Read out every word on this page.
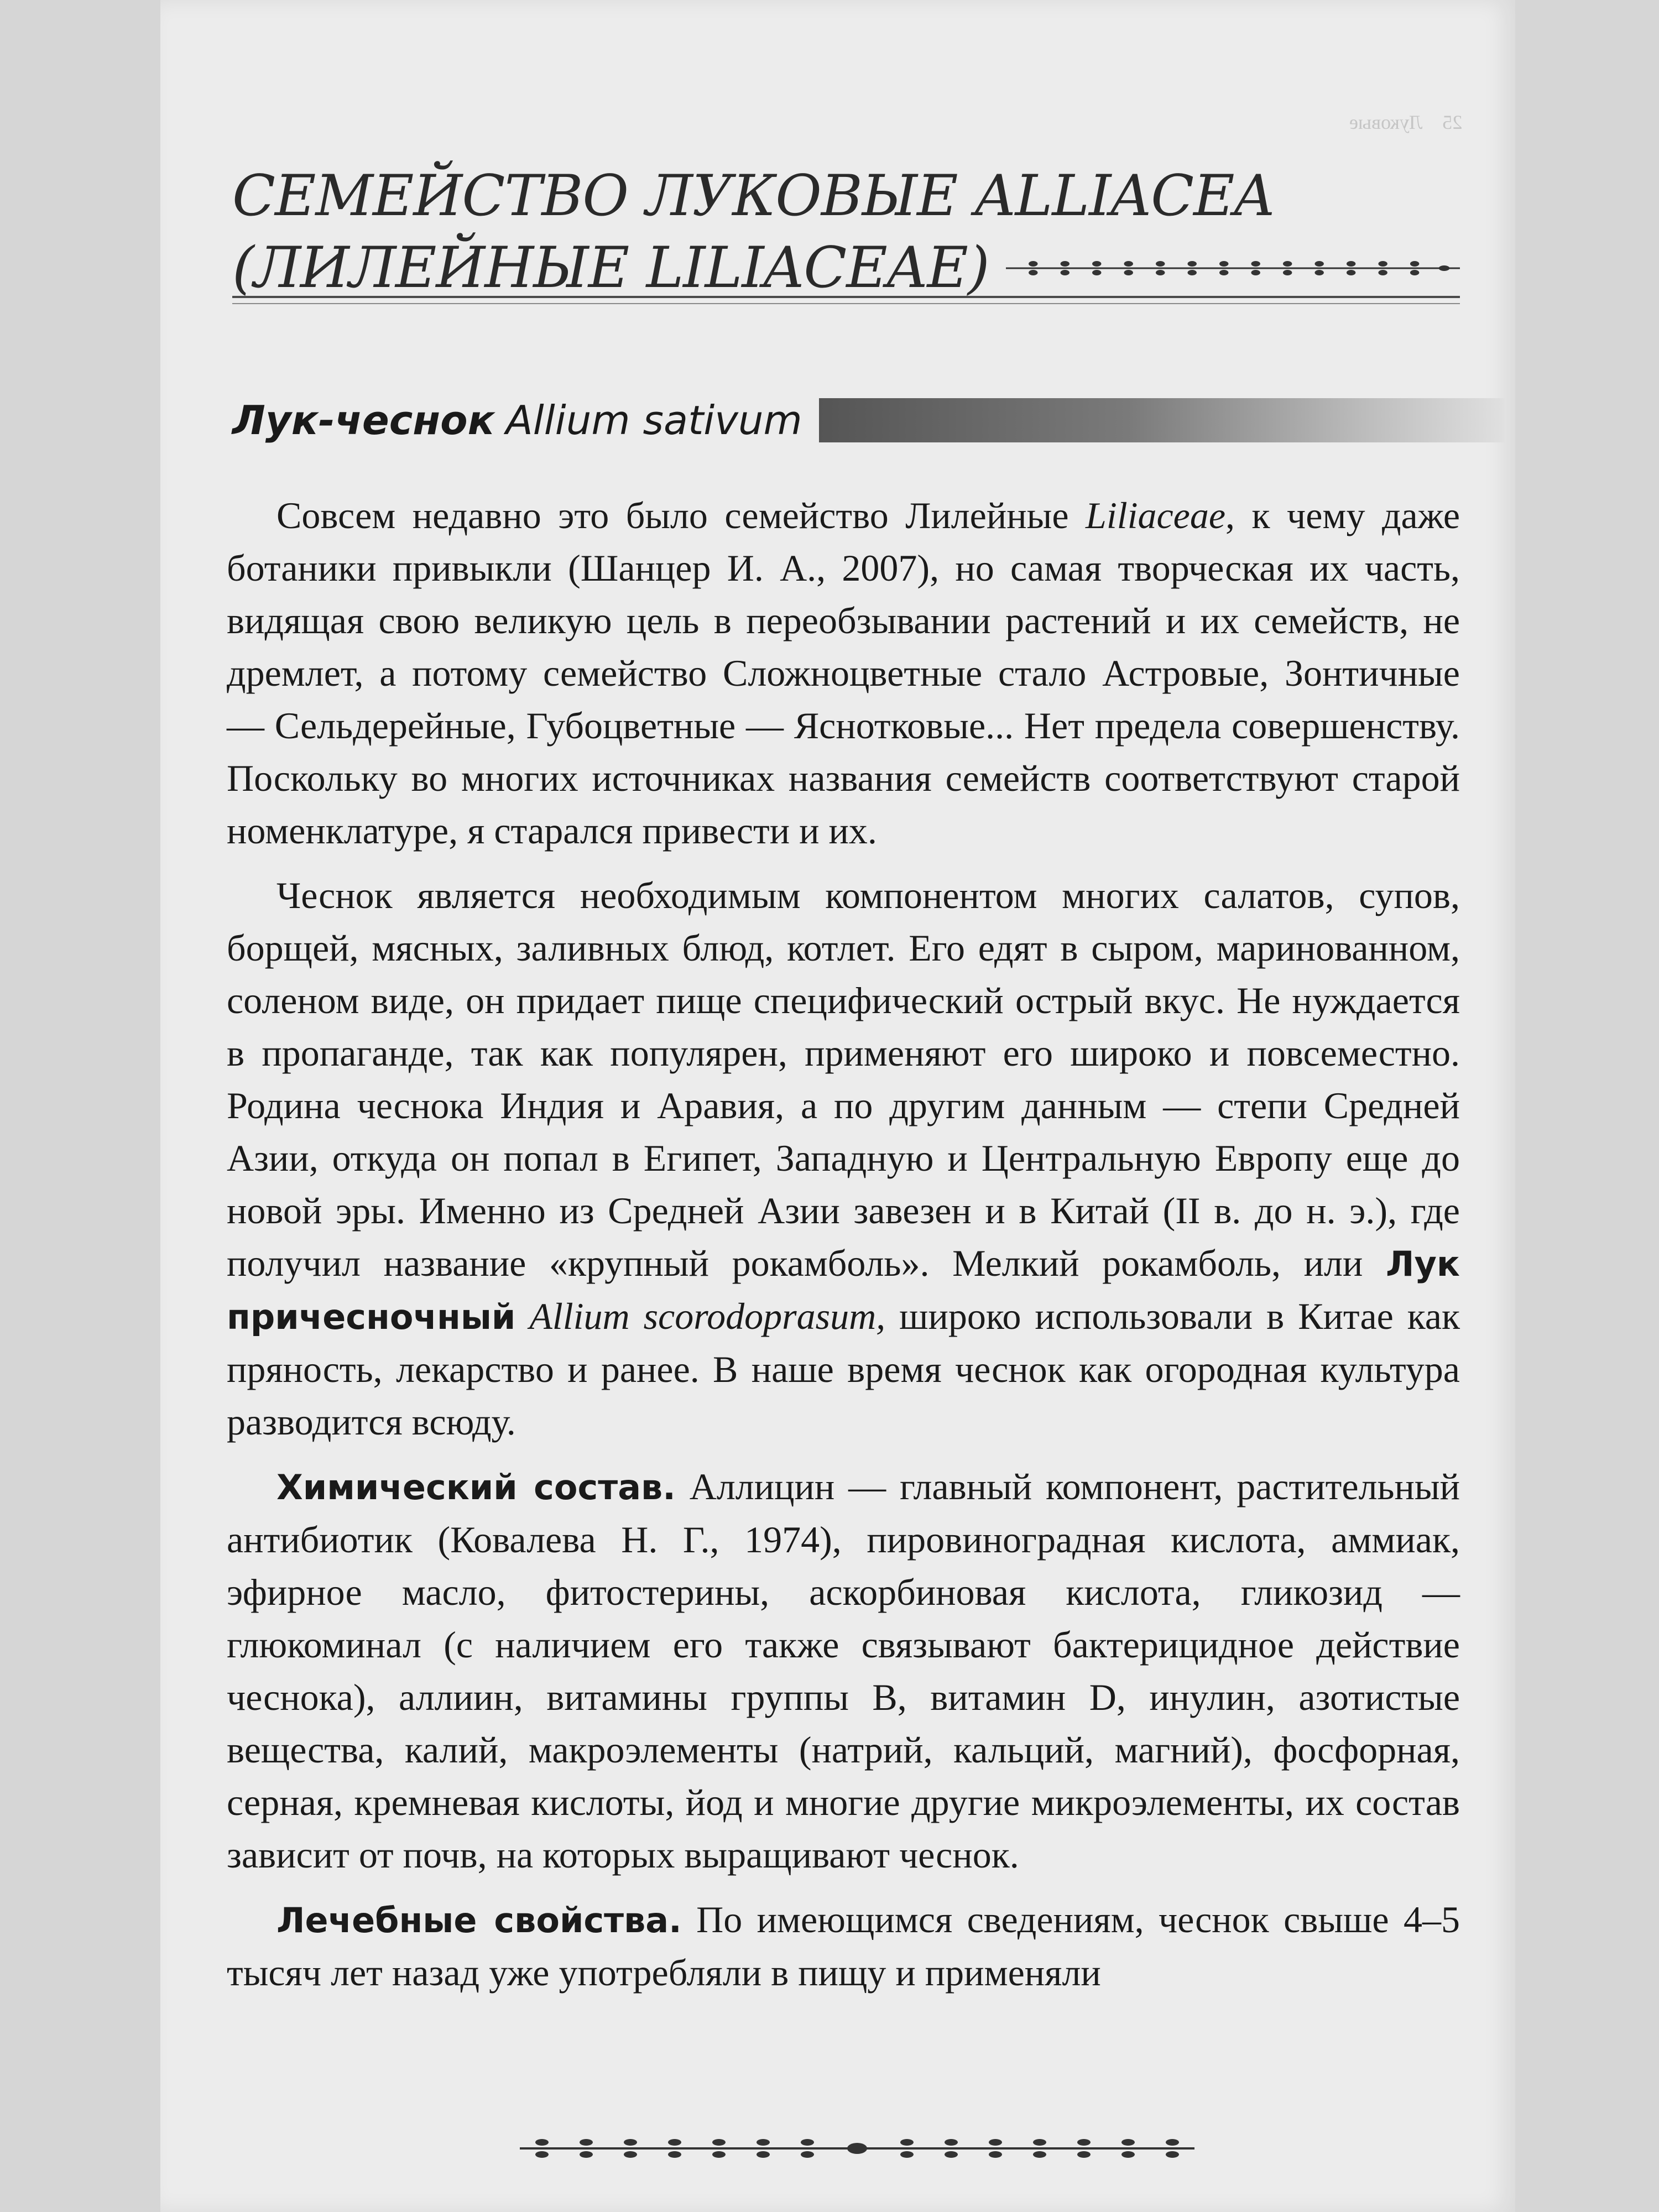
25    Луковые
СЕМЕЙСТВО ЛУКОВЫЕ ALLIACEA
(ЛИЛЕЙНЫЕ LILIACEAE)
Лук-чеснок Allium sativum

Совсем недавно это было семейство Лилейные Liliaceae, к чему даже ботаники привыкли (Шанцер И. А., 2007), но самая творческая их часть, видящая свою великую цель в переобзывании растений и их семейств, не дремлет, а потому семейство Сложноцветные стало Астровые, Зонтичные — Сельдерейные, Губоцветные — Яснотковые... Нет предела совершенству. Поскольку во многих источниках названия семейств соответствуют старой номенклатуре, я старался привести и их.

Чеснок является необходимым компонентом многих салатов, супов, борщей, мясных, заливных блюд, котлет. Его едят в сыром, маринованном, соленом виде, он придает пище специфический острый вкус. Не нуждается в пропаганде, так как популярен, применяют его широко и повсеместно. Родина чеснока Индия и Аравия, а по другим данным — степи Средней Азии, откуда он попал в Египет, Западную и Центральную Европу еще до новой эры. Именно из Средней Азии завезен и в Китай (II в. до н. э.), где получил название «крупный рокамболь». Мелкий рокамболь, или Лук причесночный Allium scorodoprasum, широко использовали в Китае как пряность, лекарство и ранее. В наше время чеснок как огородная культура разводится всюду.

Химический состав. Аллицин — главный компонент, растительный антибиотик (Ковалева Н. Г., 1974), пировиноградная кислота, аммиак, эфирное масло, фитостерины, аскорбиновая кислота, гликозид — глюкоминал (с наличием его также связывают бактерицидное действие чеснока), аллиин, витамины группы B, витамин D, инулин, азотистые вещества, калий, макроэлементы (натрий, кальций, магний), фосфорная, серная, кремневая кислоты, йод и многие другие микроэлементы, их состав зависит от почв, на которых выращивают чеснок.

Лечебные свойства. По имеющимся сведениям, чеснок свыше 4–5 тысяч лет назад уже употребляли в пищу и применяли
